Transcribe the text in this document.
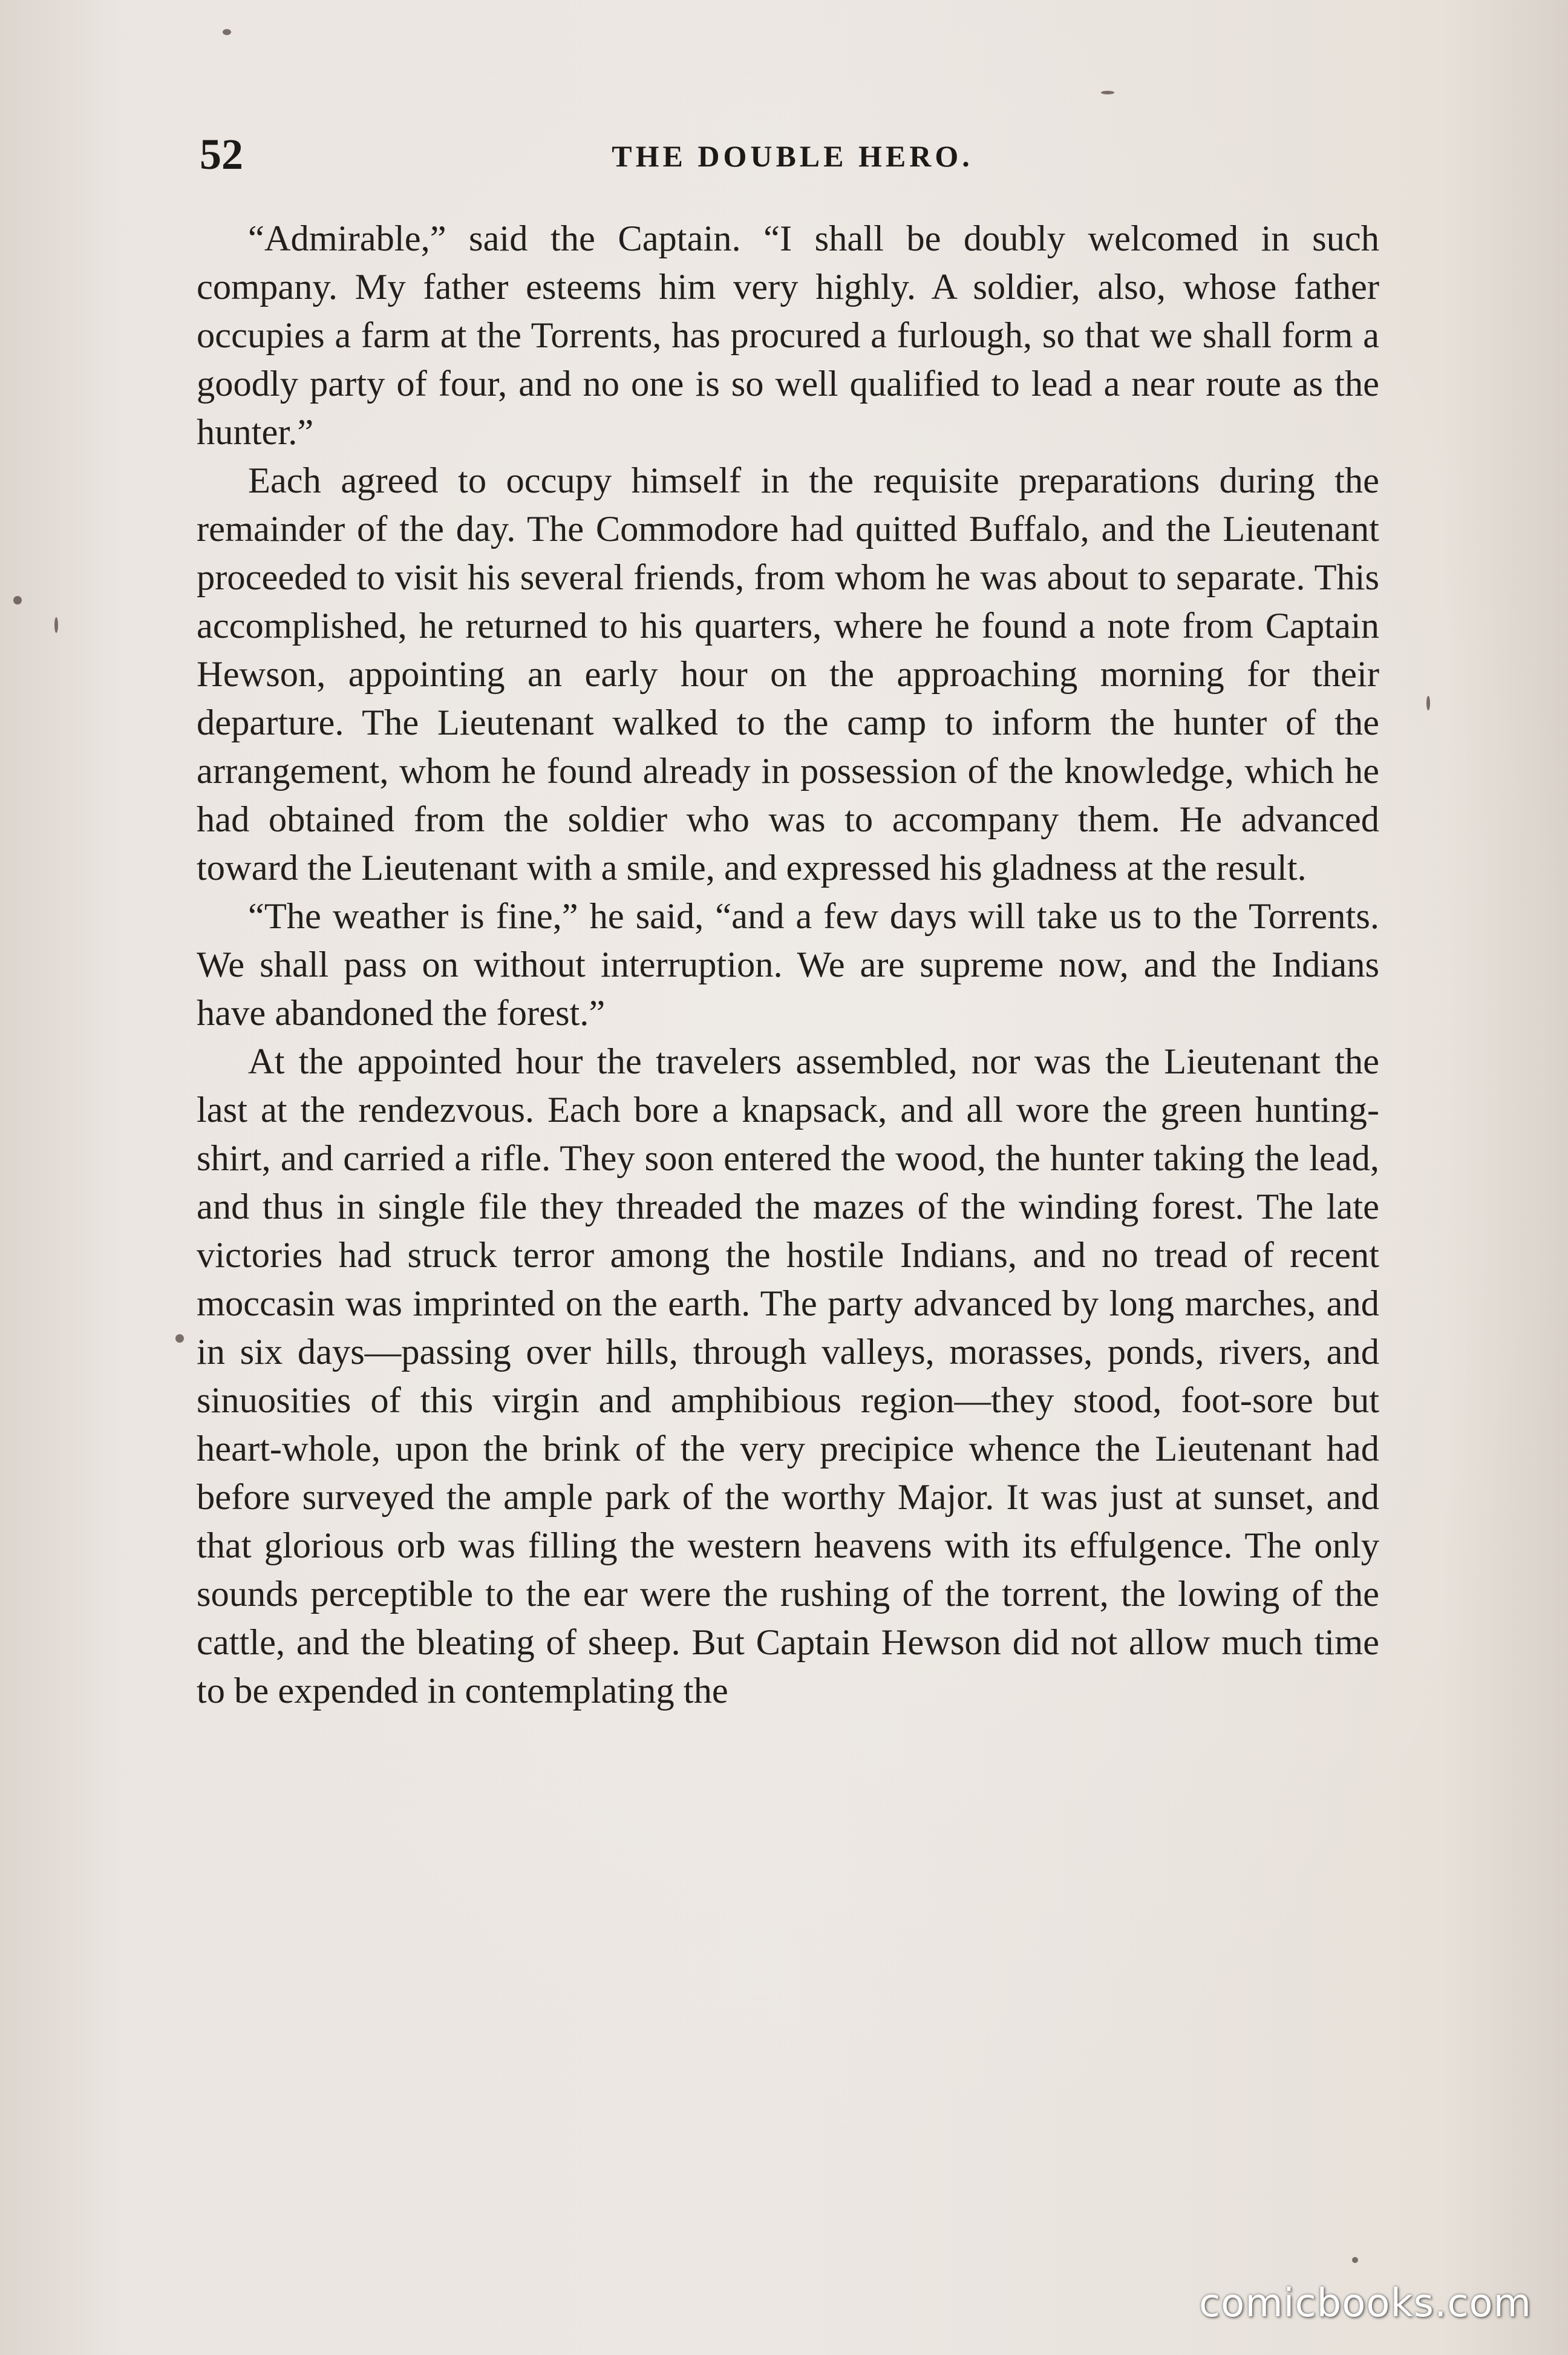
52	THE DOUBLE HERO.

“Admirable,” said the Captain. “I shall be doubly welcomed in such company. My father esteems him very highly. A soldier, also, whose father occupies a farm at the Torrents, has procured a furlough, so that we shall form a goodly party of four, and no one is so well qualified to lead a near route as the hunter.”

Each agreed to occupy himself in the requisite preparations during the remainder of the day. The Commodore had quitted Buffalo, and the Lieutenant proceeded to visit his several friends, from whom he was about to separate. This accomplished, he returned to his quarters, where he found a note from Captain Hewson, appointing an early hour on the approaching morning for their departure. The Lieutenant walked to the camp to inform the hunter of the arrangement, whom he found already in possession of the knowledge, which he had obtained from the soldier who was to accompany them. He advanced toward the Lieutenant with a smile, and expressed his gladness at the result.

“The weather is fine,” he said, “and a few days will take us to the Torrents. We shall pass on without interruption. We are supreme now, and the Indians have abandoned the forest.”

At the appointed hour the travelers assembled, nor was the Lieutenant the last at the rendezvous. Each bore a knapsack, and all wore the green hunting-shirt, and carried a rifle. They soon entered the wood, the hunter taking the lead, and thus in single file they threaded the mazes of the winding forest. The late victories had struck terror among the hostile Indians, and no tread of recent moccasin was imprinted on the earth. The party advanced by long marches, and in six days—passing over hills, through valleys, morasses, ponds, rivers, and sinuosities of this virgin and amphibious region—they stood, foot-sore but heart-whole, upon the brink of the very precipice whence the Lieutenant had before surveyed the ample park of the worthy Major. It was just at sunset, and that glorious orb was filling the western heavens with its effulgence. The only sounds perceptible to the ear were the rushing of the torrent, the lowing of the cattle, and the bleating of sheep. But Captain Hewson did not allow much time to be expended in contemplating the

comicbooks.com
